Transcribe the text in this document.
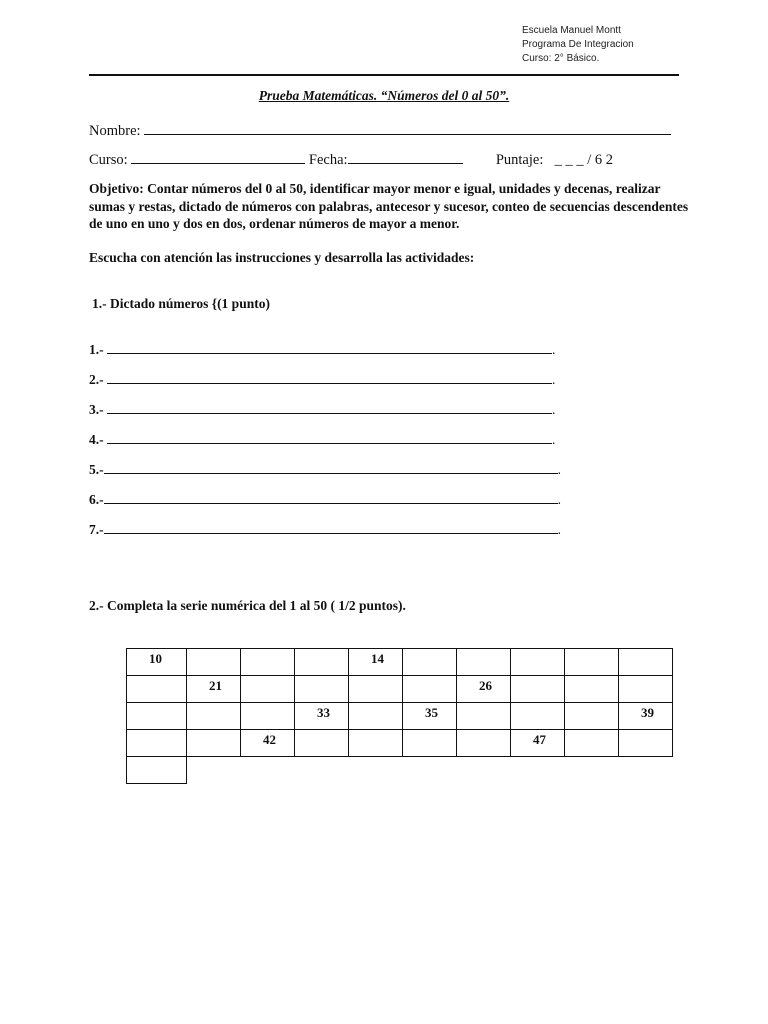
Escuela Manuel Montt
Programa De Integracion
Curso: 2° Básico.
Prueba Matemáticas. “Números del 0 al 50”.
Nombre:
Curso:	Fecha:	Puntaje: _ _ _ / 6 2
Objetivo: Contar números del 0 al 50, identificar mayor menor e igual, unidades y decenas, realizar sumas y restas, dictado de números con palabras, antecesor y sucesor, conteo de secuencias descendentes de uno en uno y dos en dos, ordenar números de mayor a menor.
Escucha con atención las instrucciones y desarrolla las actividades:
1.- Dictado números {(1 punto)
1.-	.
2.-	.
3.-	.
4.-	.
5.-	.
6.-	.
7.-	.
2.- Completa la serie numérica del 1 al 50 ( 1/2 puntos).
10				14					
	21					26			
			33		35				39
		42					47		
